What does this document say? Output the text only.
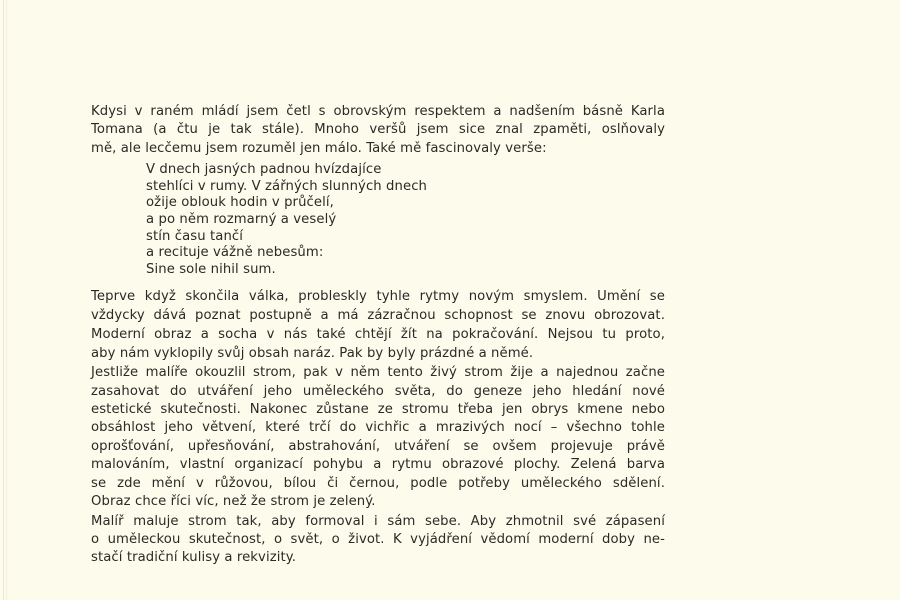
Kdysi v raném mládí jsem četl s obrovským respektem a nadšením básně Karla
Tomana (a čtu je tak stále). Mnoho veršů jsem sice znal zpaměti, oslňovaly
mě, ale lecčemu jsem rozuměl jen málo. Také mě fascinovaly verše:
V dnech jasných padnou hvízdajíce
stehlíci v rumy. V zářných slunných dnech
ožije oblouk hodin v průčelí,
a po něm rozmarný a veselý
stín času tančí
a recituje vážně nebesům:
Sine sole nihil sum.
Teprve když skončila válka, probleskly tyhle rytmy novým smyslem. Umění se
vždycky dává poznat postupně a má zázračnou schopnost se znovu obrozovat.
Moderní obraz a socha v nás také chtějí žít na pokračování. Nejsou tu proto,
aby nám vyklopily svůj obsah naráz. Pak by byly prázdné a němé.
Jestliže malíře okouzlil strom, pak v něm tento živý strom žije a najednou začne
zasahovat do utváření jeho uměleckého světa, do geneze jeho hledání nové
estetické skutečnosti. Nakonec zůstane ze stromu třeba jen obrys kmene nebo
obsáhlost jeho větvení, které trčí do vichřic a mrazivých nocí – všechno tohle
oprošťování, upřesňování, abstrahování, utváření se ovšem projevuje právě
malováním, vlastní organizací pohybu a rytmu obrazové plochy. Zelená barva
se zde mění v růžovou, bílou či černou, podle potřeby uměleckého sdělení.
Obraz chce říci víc, než že strom je zelený.
Malíř maluje strom tak, aby formoval i sám sebe. Aby zhmotnil své zápasení
o uměleckou skutečnost, o svět, o život. K vyjádření vědomí moderní doby ne-
stačí tradiční kulisy a rekvizity.
